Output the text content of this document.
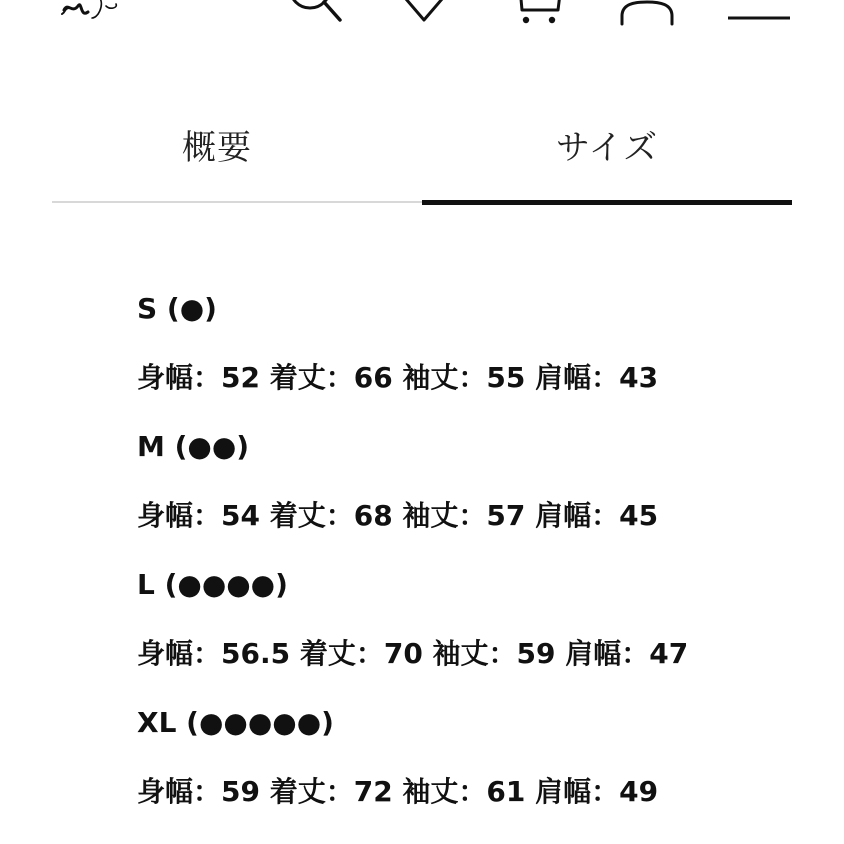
概要	サイズ

S (●)

身幅：52 着丈：66 袖丈：55 肩幅：43

M (●●)

身幅：54 着丈：68 袖丈：57 肩幅：45

L (●●●●)

身幅：56.5 着丈：70 袖丈：59 肩幅：47

XL (●●●●●)

身幅：59 着丈：72 袖丈：61 肩幅：49
